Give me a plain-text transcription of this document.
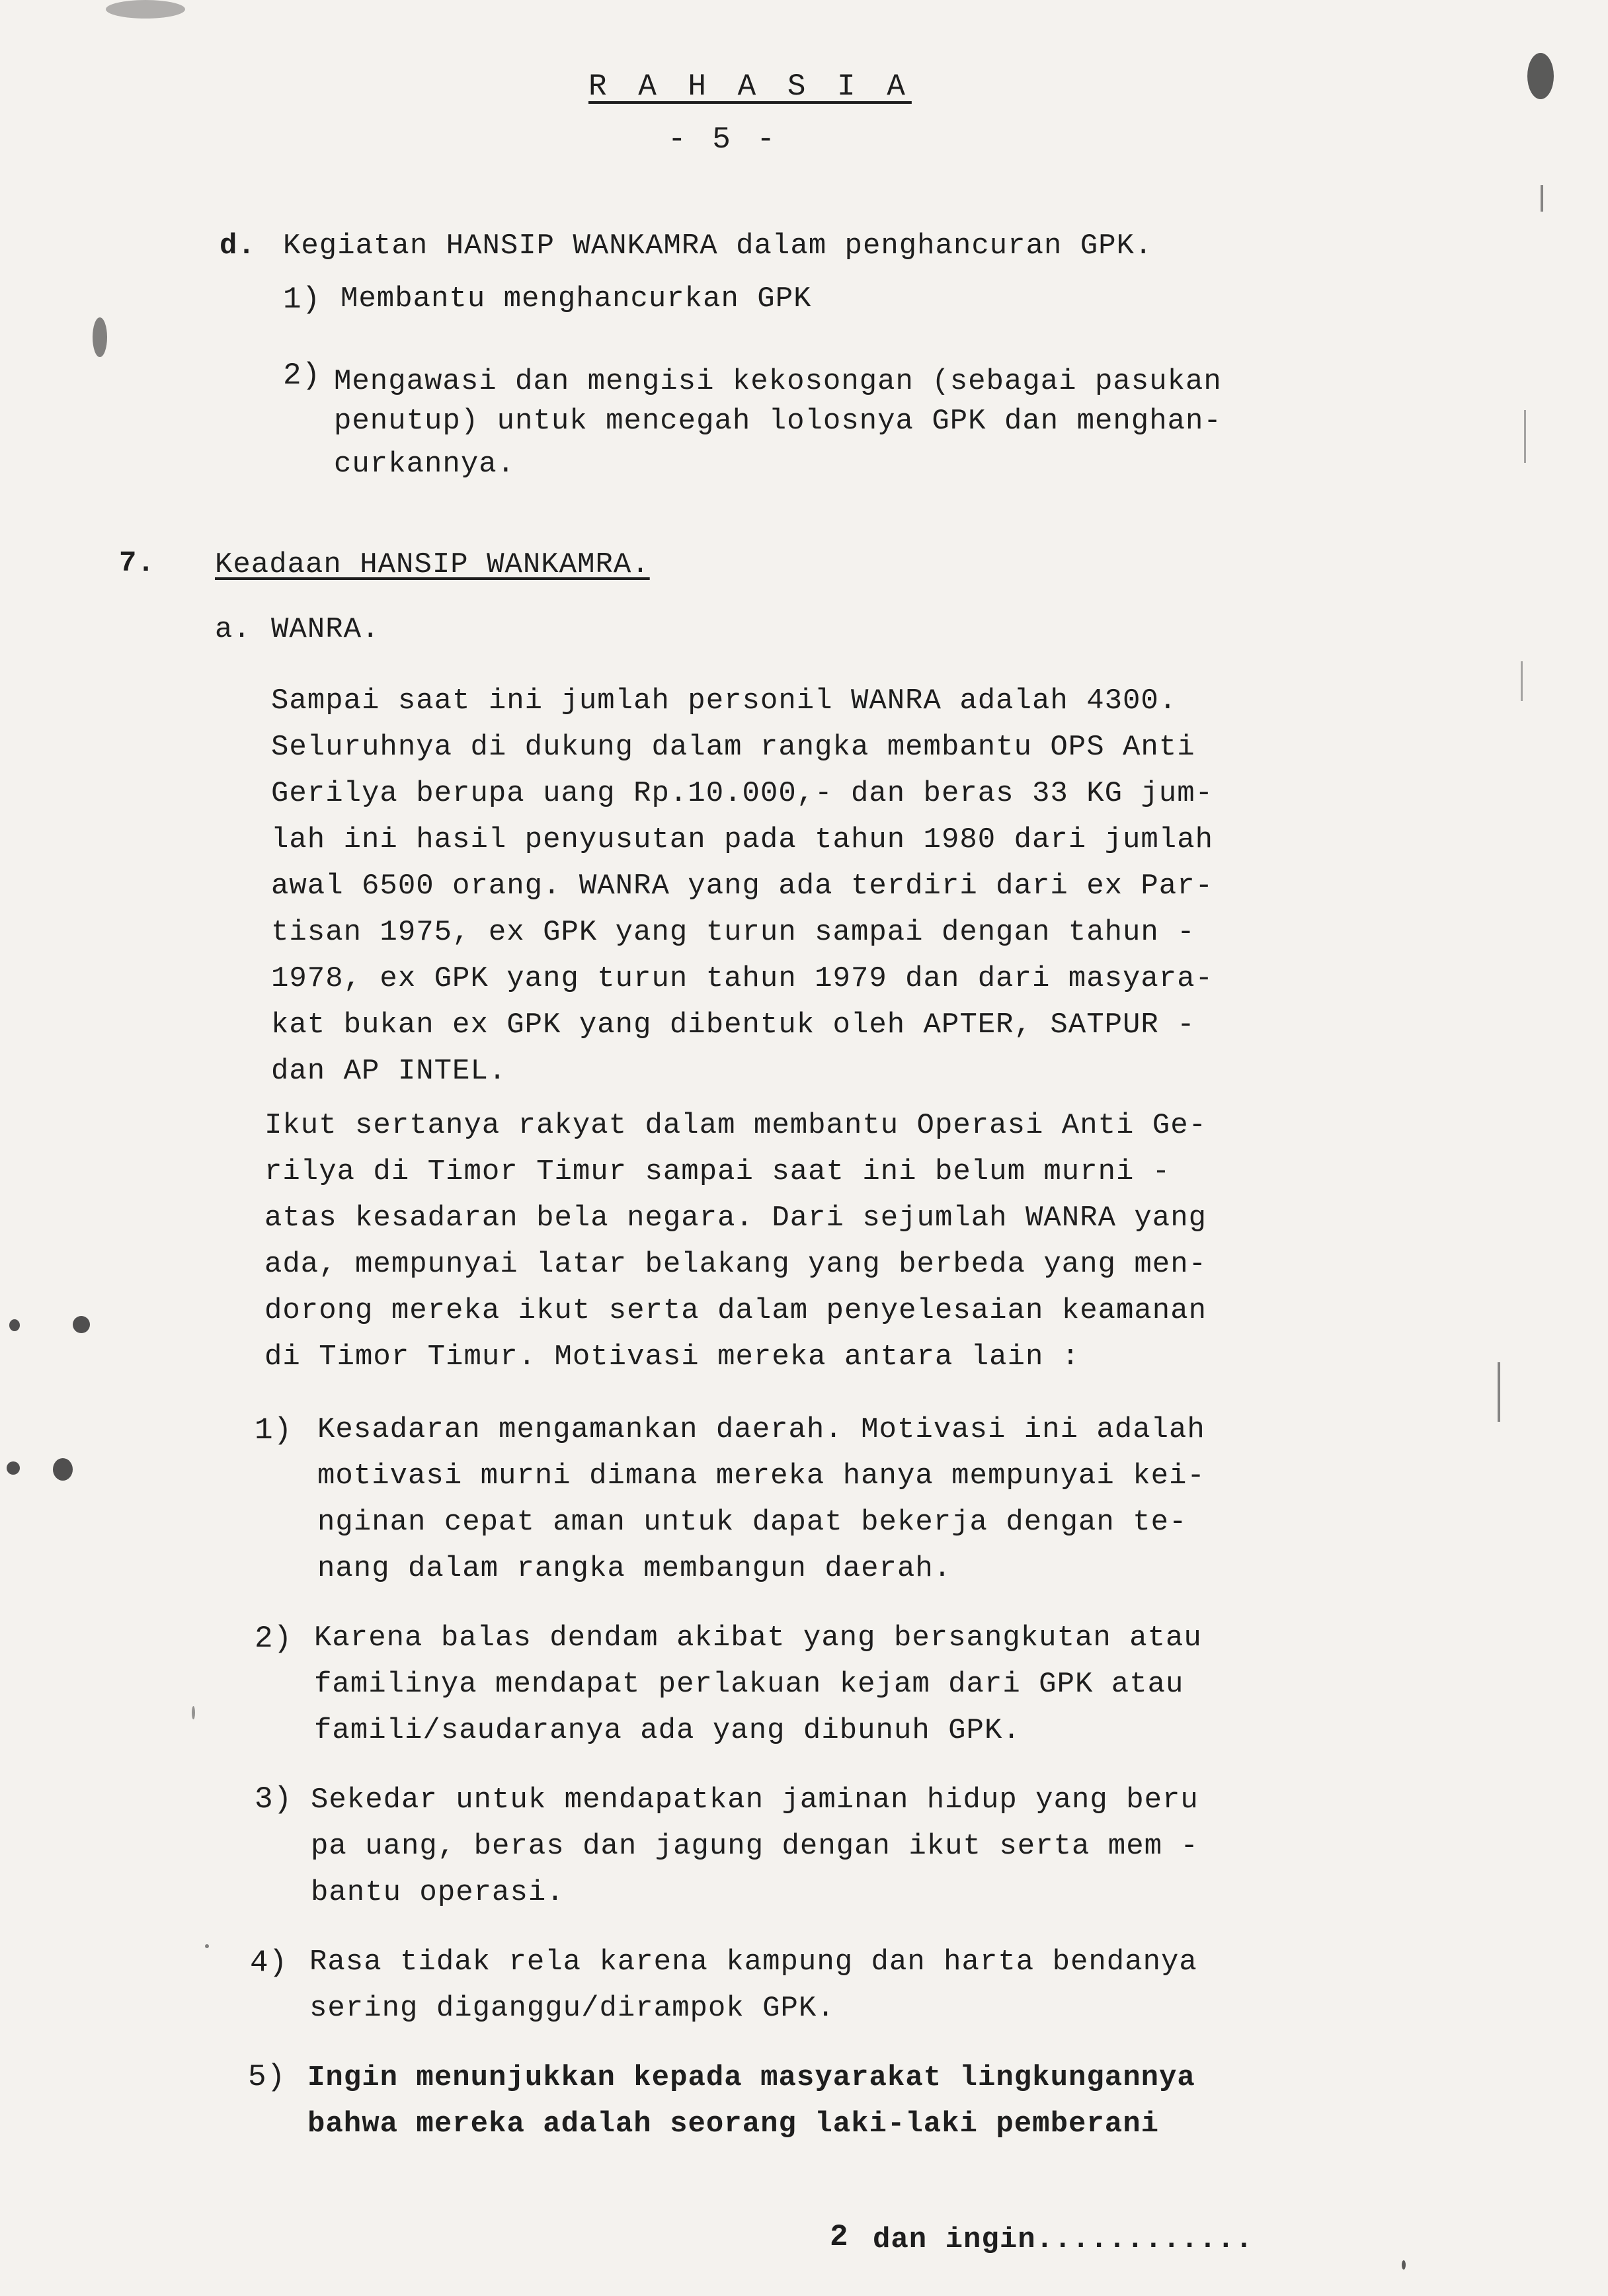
R A H A S I A
- 5 -
d. Kegiatan HANSIP WANKAMRA dalam penghancuran GPK.
1) Membantu menghancurkan GPK
2) Mengawasi dan mengisi kekosongan (sebagai pasukan
penutup) untuk mencegah lolosnya GPK dan menghan-
curkannya.
7. Keadaan HANSIP WANKAMRA.
a. WANRA.
Sampai saat ini jumlah personil WANRA adalah 4300.
Seluruhnya di dukung dalam rangka membantu OPS Anti
Gerilya berupa uang Rp.10.000,- dan beras 33 KG jum-
lah ini hasil penyusutan pada tahun 1980 dari jumlah
awal 6500 orang. WANRA yang ada terdiri dari ex Par-
tisan 1975, ex GPK yang turun sampai dengan tahun -
1978, ex GPK yang turun tahun 1979 dan dari masyara-
kat bukan ex GPK yang dibentuk oleh APTER, SATPUR -
dan AP INTEL.
Ikut sertanya rakyat dalam membantu Operasi Anti Ge-
rilya di Timor Timur sampai saat ini belum murni -
atas kesadaran bela negara. Dari sejumlah WANRA yang
ada, mempunyai latar belakang yang berbeda yang men-
dorong mereka ikut serta dalam penyelesaian keamanan
di Timor Timur. Motivasi mereka antara lain :
1) Kesadaran mengamankan daerah. Motivasi ini adalah
motivasi murni dimana mereka hanya mempunyai kei-
nginan cepat aman untuk dapat bekerja dengan te-
nang dalam rangka membangun daerah.
2) Karena balas dendam akibat yang bersangkutan atau
familinya mendapat perlakuan kejam dari GPK atau
famili/saudaranya ada yang dibunuh GPK.
3) Sekedar untuk mendapatkan jaminan hidup yang beru
pa uang, beras dan jagung dengan ikut serta mem -
bantu operasi.
4) Rasa tidak rela karena kampung dan harta bendanya
sering diganggu/dirampok GPK.
5) Ingin menunjukkan kepada masyarakat lingkungannya
bahwa mereka adalah seorang laki-laki pemberani
2 dan ingin............
